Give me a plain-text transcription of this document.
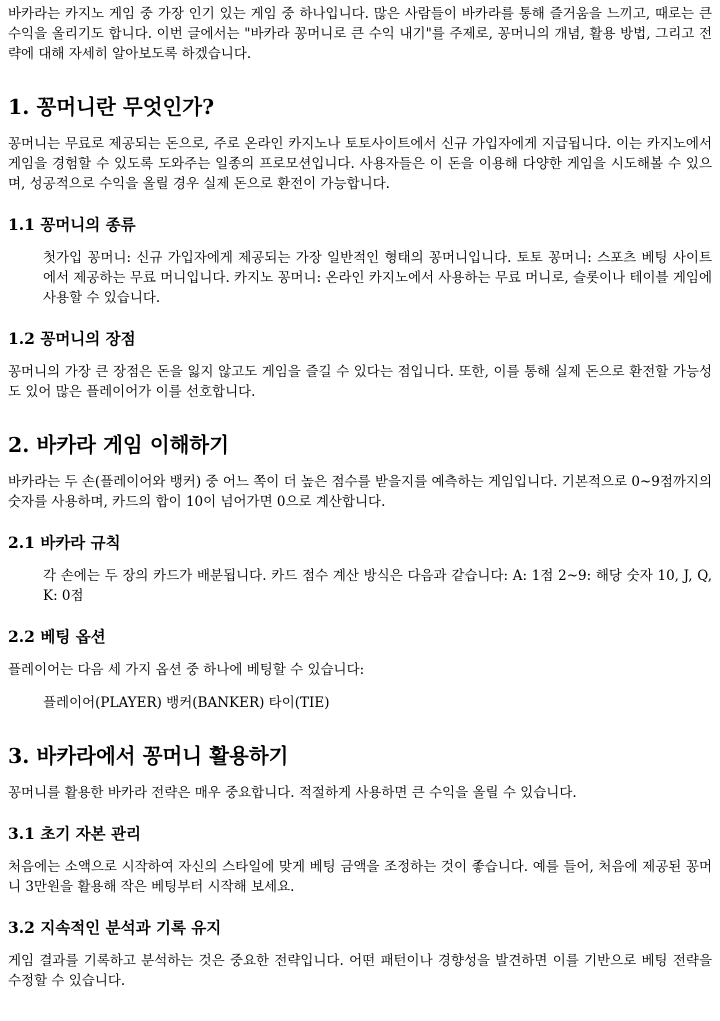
바카라는 카지노 게임 중 가장 인기 있는 게임 중 하나입니다. 많은 사람들이 바카라를 통해 즐거움을 느끼고, 때로는 큰 수익을 올리기도 합니다. 이번 글에서는 "바카라 꽁머니로 큰 수익 내기"를 주제로, 꽁머니의 개념, 활용 방법, 그리고 전략에 대해 자세히 알아보도록 하겠습니다.

1. 꽁머니란 무엇인가?

꽁머니는 무료로 제공되는 돈으로, 주로 온라인 카지노나 토토사이트에서 신규 가입자에게 지급됩니다. 이는 카지노에서 게임을 경험할 수 있도록 도와주는 일종의 프로모션입니다. 사용자들은 이 돈을 이용해 다양한 게임을 시도해볼 수 있으며, 성공적으로 수익을 올릴 경우 실제 돈으로 환전이 가능합니다.

1.1 꽁머니의 종류

첫가입 꽁머니: 신규 가입자에게 제공되는 가장 일반적인 형태의 꽁머니입니다. 토토 꽁머니: 스포츠 베팅 사이트에서 제공하는 무료 머니입니다. 카지노 꽁머니: 온라인 카지노에서 사용하는 무료 머니로, 슬롯이나 테이블 게임에 사용할 수 있습니다.

1.2 꽁머니의 장점

꽁머니의 가장 큰 장점은 돈을 잃지 않고도 게임을 즐길 수 있다는 점입니다. 또한, 이를 통해 실제 돈으로 환전할 가능성도 있어 많은 플레이어가 이를 선호합니다.

2. 바카라 게임 이해하기

바카라는 두 손(플레이어와 뱅커) 중 어느 쪽이 더 높은 점수를 받을지를 예측하는 게임입니다. 기본적으로 0~9점까지의 숫자를 사용하며, 카드의 합이 10이 넘어가면 0으로 계산합니다.

2.1 바카라 규칙

각 손에는 두 장의 카드가 배분됩니다. 카드 점수 계산 방식은 다음과 같습니다: A: 1점 2~9: 해당 숫자 10, J, Q, K: 0점

2.2 베팅 옵션

플레이어는 다음 세 가지 옵션 중 하나에 베팅할 수 있습니다:

플레이어(PLAYER) 뱅커(BANKER) 타이(TIE)

3. 바카라에서 꽁머니 활용하기

꽁머니를 활용한 바카라 전략은 매우 중요합니다. 적절하게 사용하면 큰 수익을 올릴 수 있습니다.

3.1 초기 자본 관리

처음에는 소액으로 시작하여 자신의 스타일에 맞게 베팅 금액을 조정하는 것이 좋습니다. 예를 들어, 처음에 제공된 꽁머니 3만원을 활용해 작은 베팅부터 시작해 보세요.

3.2 지속적인 분석과 기록 유지

게임 결과를 기록하고 분석하는 것은 중요한 전략입니다. 어떤 패턴이나 경향성을 발견하면 이를 기반으로 베팅 전략을 수정할 수 있습니다.
